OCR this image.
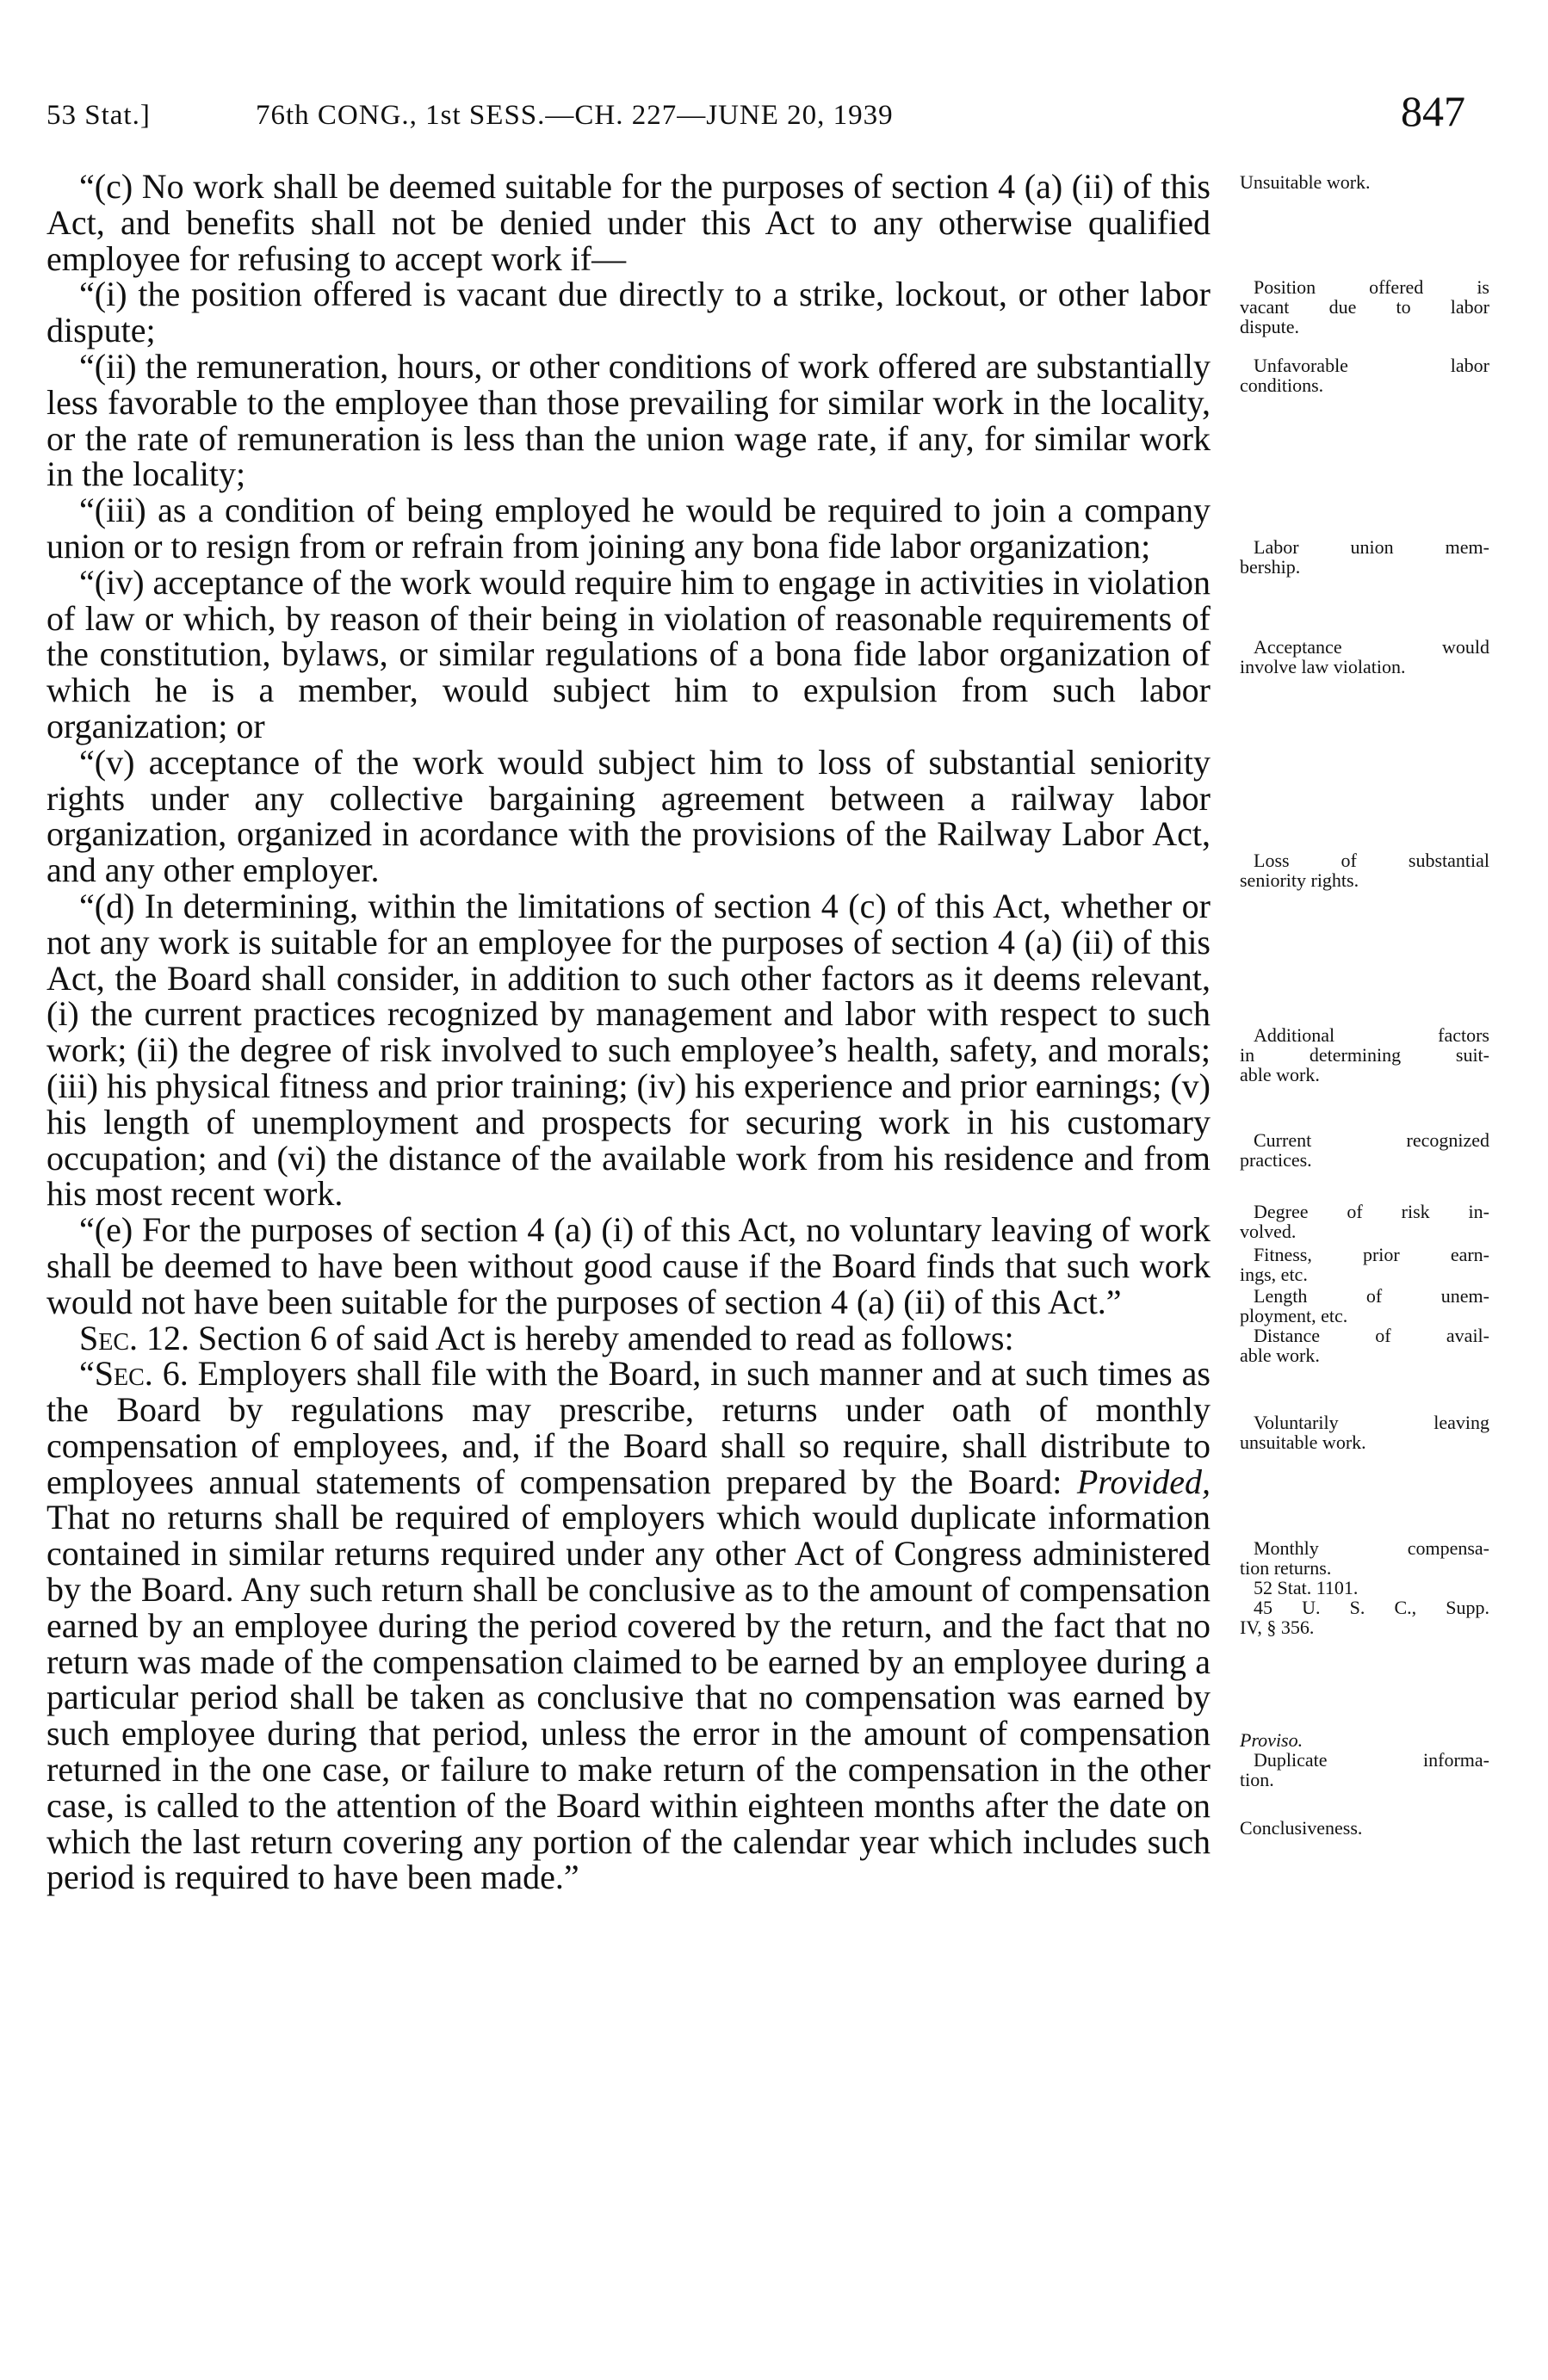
53 Stat.]	76th CONG., 1st SESS.—CH. 227—JUNE 20, 1939	847

“(c) No work shall be deemed suitable for the purposes of section 4 (a) (ii) of this Act, and benefits shall not be denied under this Act to any otherwise qualified employee for refusing to accept work if—

“(i) the position offered is vacant due directly to a strike, lockout, or other labor dispute;

“(ii) the remuneration, hours, or other conditions of work offered are substantially less favorable to the employee than those prevailing for similar work in the locality, or the rate of remuneration is less than the union wage rate, if any, for similar work in the locality;

“(iii) as a condition of being employed he would be required to join a company union or to resign from or refrain from joining any bona fide labor organization;

“(iv) acceptance of the work would require him to engage in activities in violation of law or which, by reason of their being in violation of reasonable requirements of the constitution, bylaws, or similar regulations of a bona fide labor organization of which he is a member, would subject him to expulsion from such labor organization; or

“(v) acceptance of the work would subject him to loss of substantial seniority rights under any collective bargaining agreement between a railway labor organization, organized in acordance with the provisions of the Railway Labor Act, and any other employer.

“(d) In determining, within the limitations of section 4 (c) of this Act, whether or not any work is suitable for an employee for the purposes of section 4 (a) (ii) of this Act, the Board shall consider, in addition to such other factors as it deems relevant, (i) the current practices recognized by management and labor with respect to such work; (ii) the degree of risk involved to such employee’s health, safety, and morals; (iii) his physical fitness and prior training; (iv) his experience and prior earnings; (v) his length of unemployment and prospects for securing work in his customary occupation; and (vi) the distance of the available work from his residence and from his most recent work.

“(e) For the purposes of section 4 (a) (i) of this Act, no voluntary leaving of work shall be deemed to have been without good cause if the Board finds that such work would not have been suitable for the purposes of section 4 (a) (ii) of this Act.”

Sec. 12. Section 6 of said Act is hereby amended to read as follows:

“Sec. 6. Employers shall file with the Board, in such manner and at such times as the Board by regulations may prescribe, returns under oath of monthly compensation of employees, and, if the Board shall so require, shall distribute to employees annual statements of compensation prepared by the Board: Provided, That no returns shall be required of employers which would duplicate information contained in similar returns required under any other Act of Congress administered by the Board. Any such return shall be conclusive as to the amount of compensation earned by an employee during the period covered by the return, and the fact that no return was made of the compensation claimed to be earned by an employee during a particular period shall be taken as conclusive that no compensation was earned by such employee during that period, unless the error in the amount of compensation returned in the one case, or failure to make return of the compensation in the other case, is called to the attention of the Board within eighteen months after the date on which the last return covering any portion of the calendar year which includes such period is required to have been made.”

Unsuitable work.
Position offered is
vacant due to labor
dispute.
Unfavorable labor
conditions.
Labor union mem-
bership.
Acceptance would
involve law violation.
Loss of substantial
seniority rights.
Additional factors
in determining suit-
able work.
Current recognized
practices.
Degree of risk in-
volved.
Fitness, prior earn-
ings, etc.
Length of unem-
ployment, etc.
Distance of avail-
able work.
Voluntarily leaving
unsuitable work.
Monthly compensa-
tion returns.
52 Stat. 1101.
45 U. S. C., Supp.
IV, § 356.
Proviso.
Duplicate informa-
tion.
Conclusiveness.
